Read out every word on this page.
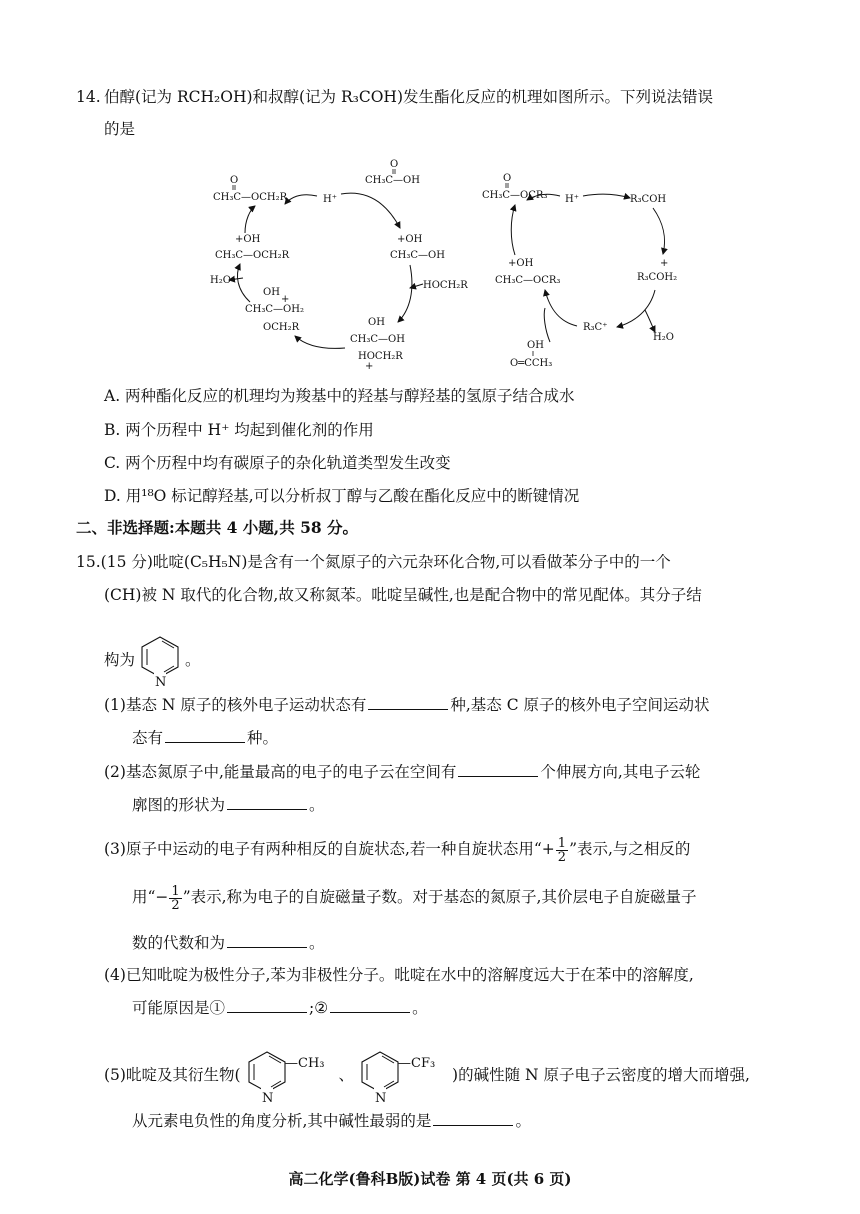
14. 伯醇(记为 RCH₂OH)和叔醇(记为 R₃COH)发生酯化反应的机理如图所示。下列说法错误
的是
O
CH₃C—OCH₂R
O
CH₃C—OH
H⁺
+OH
CH₃C—OCH₂R
+OH
CH₃C—OH
H₂O	HOCH₂R
OH
+
CH₃C—OH₂
OCH₂R	OH
CH₃C—OH
HOCH₂R
+
O
CH₃C—OCR₃ H⁺	R₃COH
+OH
CH₃C—OCR₃
+
R₃COH₂
R₃C⁺
H₂O
OH
O═CCH₃
A. 两种酯化反应的机理均为羧基中的羟基与醇羟基的氢原子结合成水
B. 两个历程中 H⁺ 均起到催化剂的作用
C. 两个历程中均有碳原子的杂化轨道类型发生改变
D. 用¹⁸O 标记醇羟基,可以分析叔丁醇与乙酸在酯化反应中的断键情况
二、非选择题:本题共 4 小题,共 58 分。
15.(15 分)吡啶(C₅H₅N)是含有一个氮原子的六元杂环化合物,可以看做苯分子中的一个
(CH)被 N 取代的化合物,故又称氮苯。吡啶呈碱性,也是配合物中的常见配体。其分子结
构为
N
。
(1)基态 N 原子的核外电子运动状态有	种,基态 C 原子的核外电子空间运动状
态有	种。
(2)基态氮原子中,能量最高的电子的电子云在空间有	个伸展方向,其电子云轮
廓图的形状为	。
(3)原子中运动的电子有两种相反的自旋状态,若一种自旋状态用“+ $\frac{1}{2}$ ”表示,与之相反的
用“− $\frac{1}{2}$ ”表示,称为电子的自旋磁量子数。对于基态的氮原子,其价层电子自旋磁量子
数的代数和为	。
(4)已知吡啶为极性分子,苯为非极性分子。吡啶在水中的溶解度远大于在苯中的溶解度,
可能原因是①	;②	。
(5)吡啶及其衍生物(
N
—CH₃
、
N
—CF₃
)的碱性随 N 原子电子云密度的增大而增强,
从元素电负性的角度分析,其中碱性最弱的是	。
高二化学(鲁科B版)试卷 第 4 页(共 6 页)
